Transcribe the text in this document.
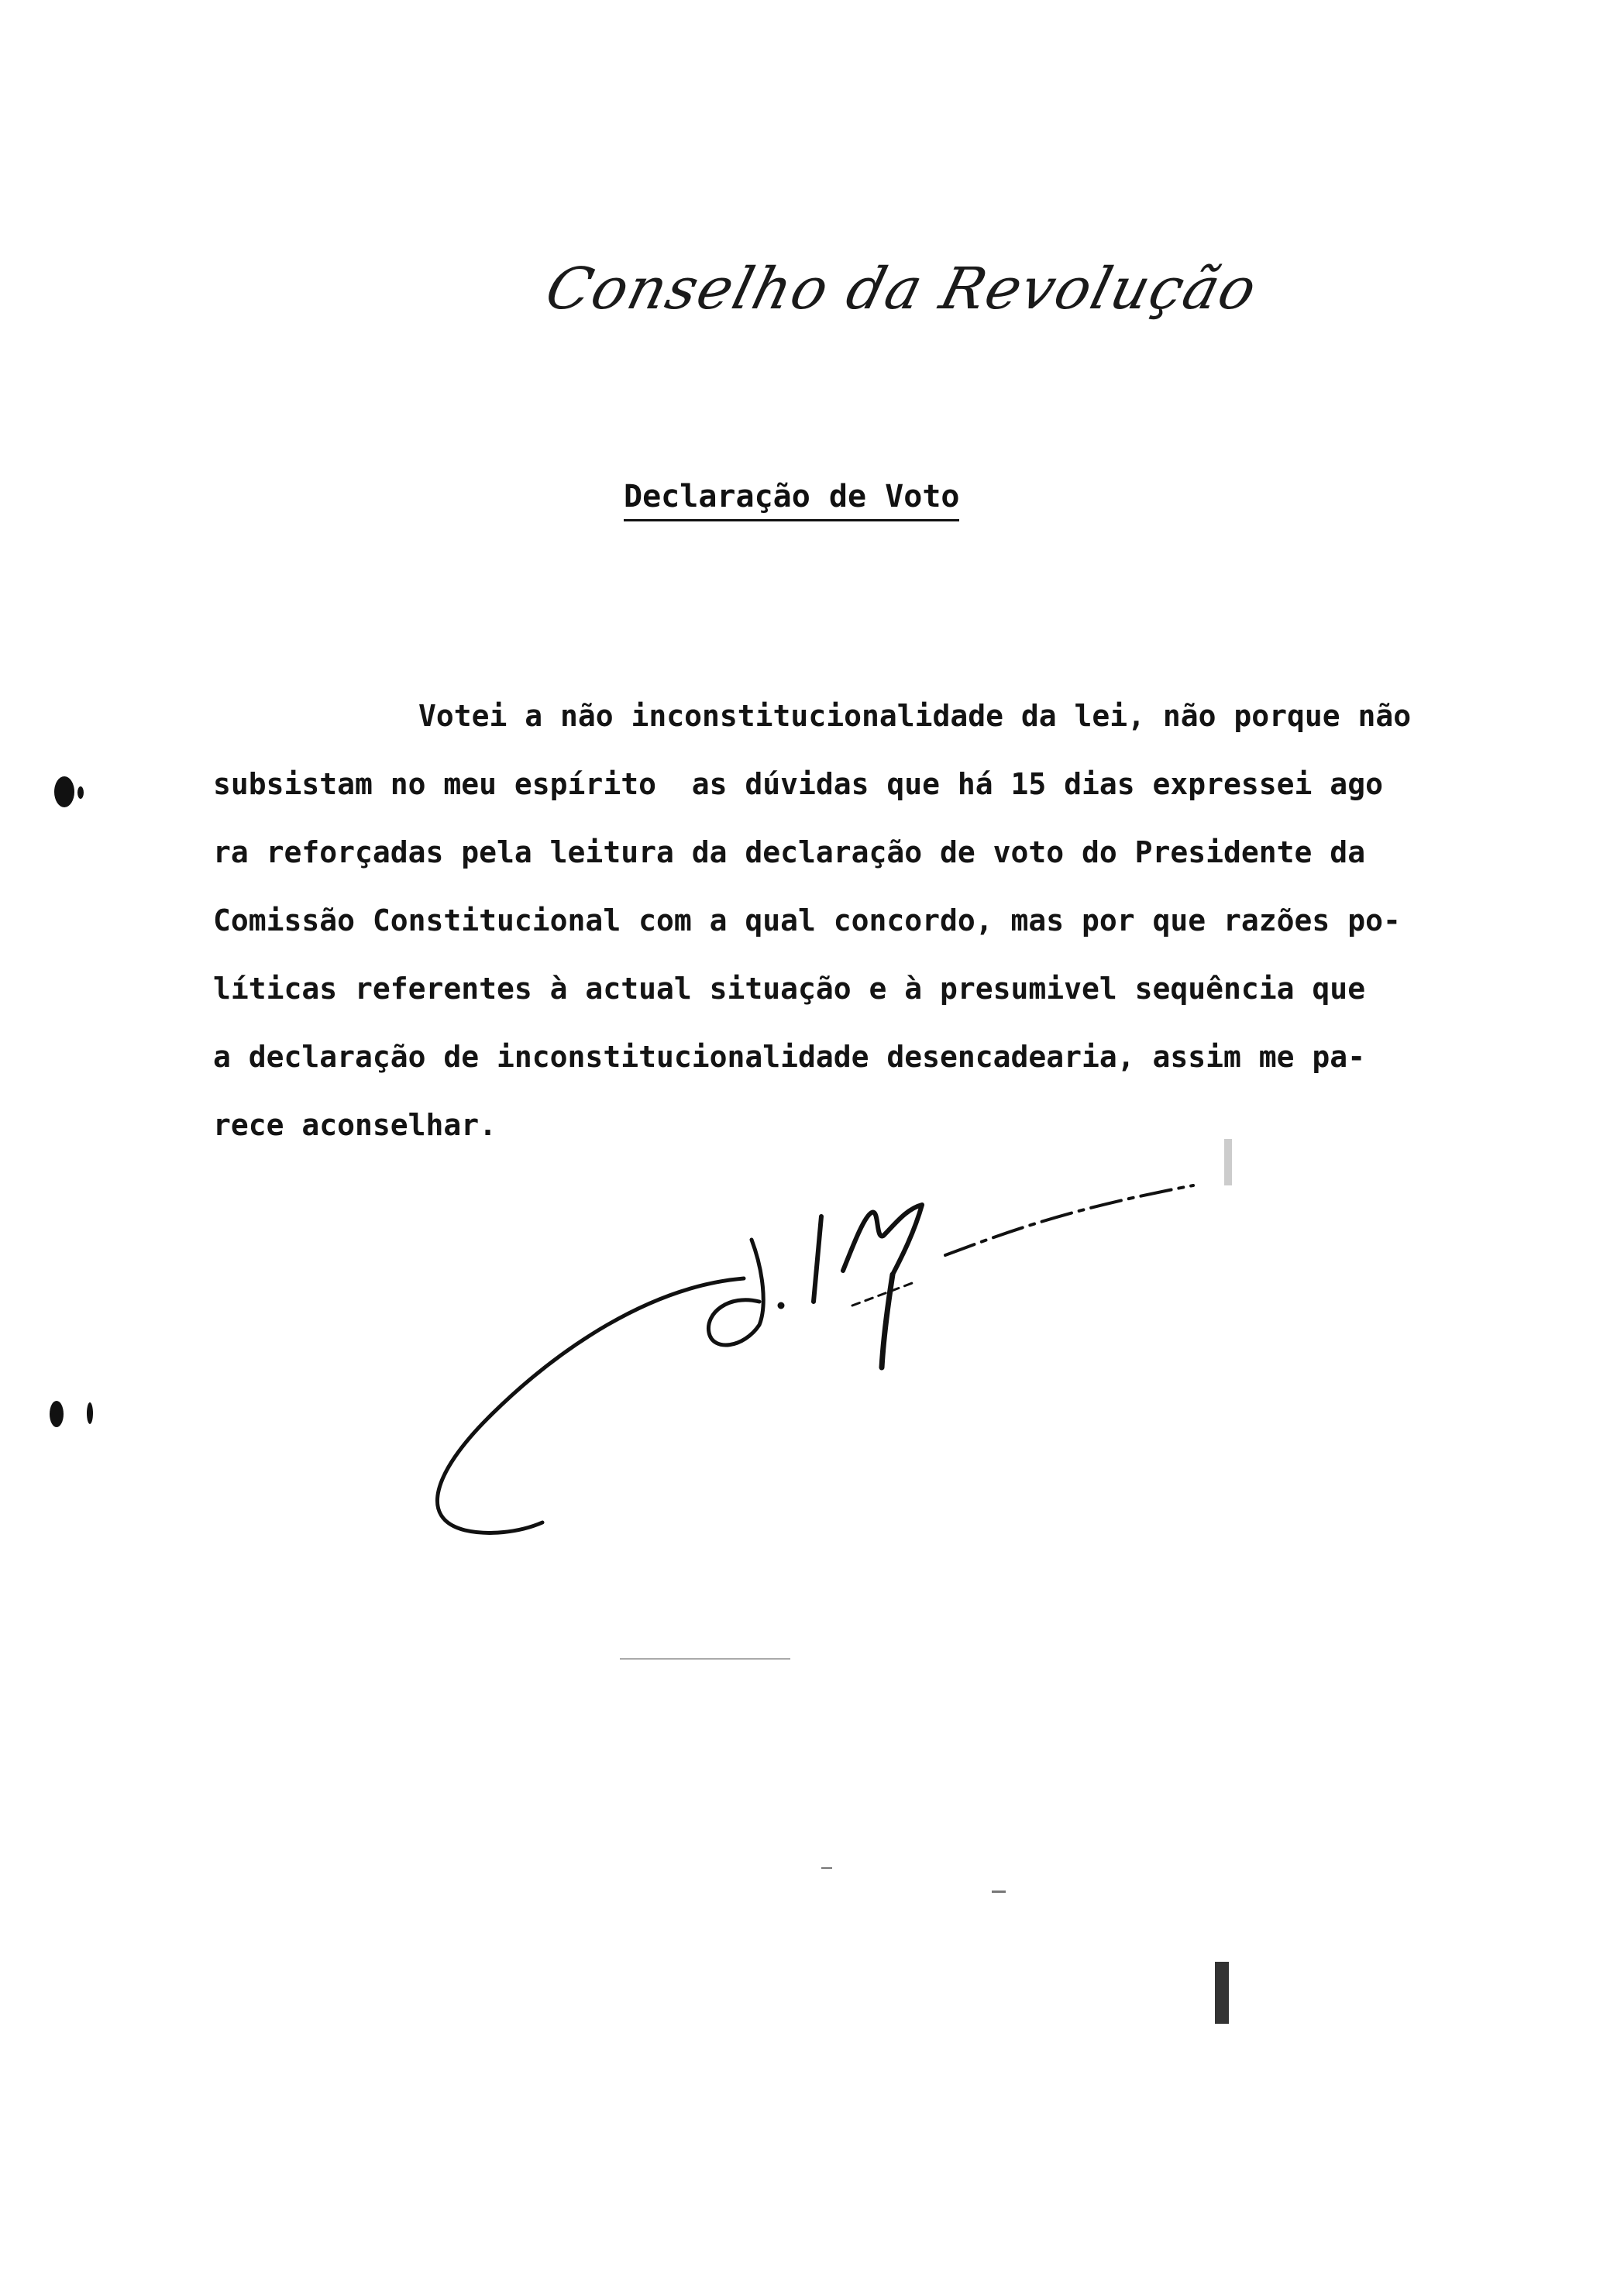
Conselho da Revolução
Declaração de Voto
Votei a não inconstitucionalidade da lei, não porque não
subsistam no meu espírito  as dúvidas que há 15 dias expressei ago
ra reforçadas pela leitura da declaração de voto do Presidente da
Comissão Constitucional com a qual concordo, mas por que razões po-
líticas referentes à actual situação e à presumivel sequência que
a declaração de inconstitucionalidade desencadearia, assim me pa-
rece aconselhar.
